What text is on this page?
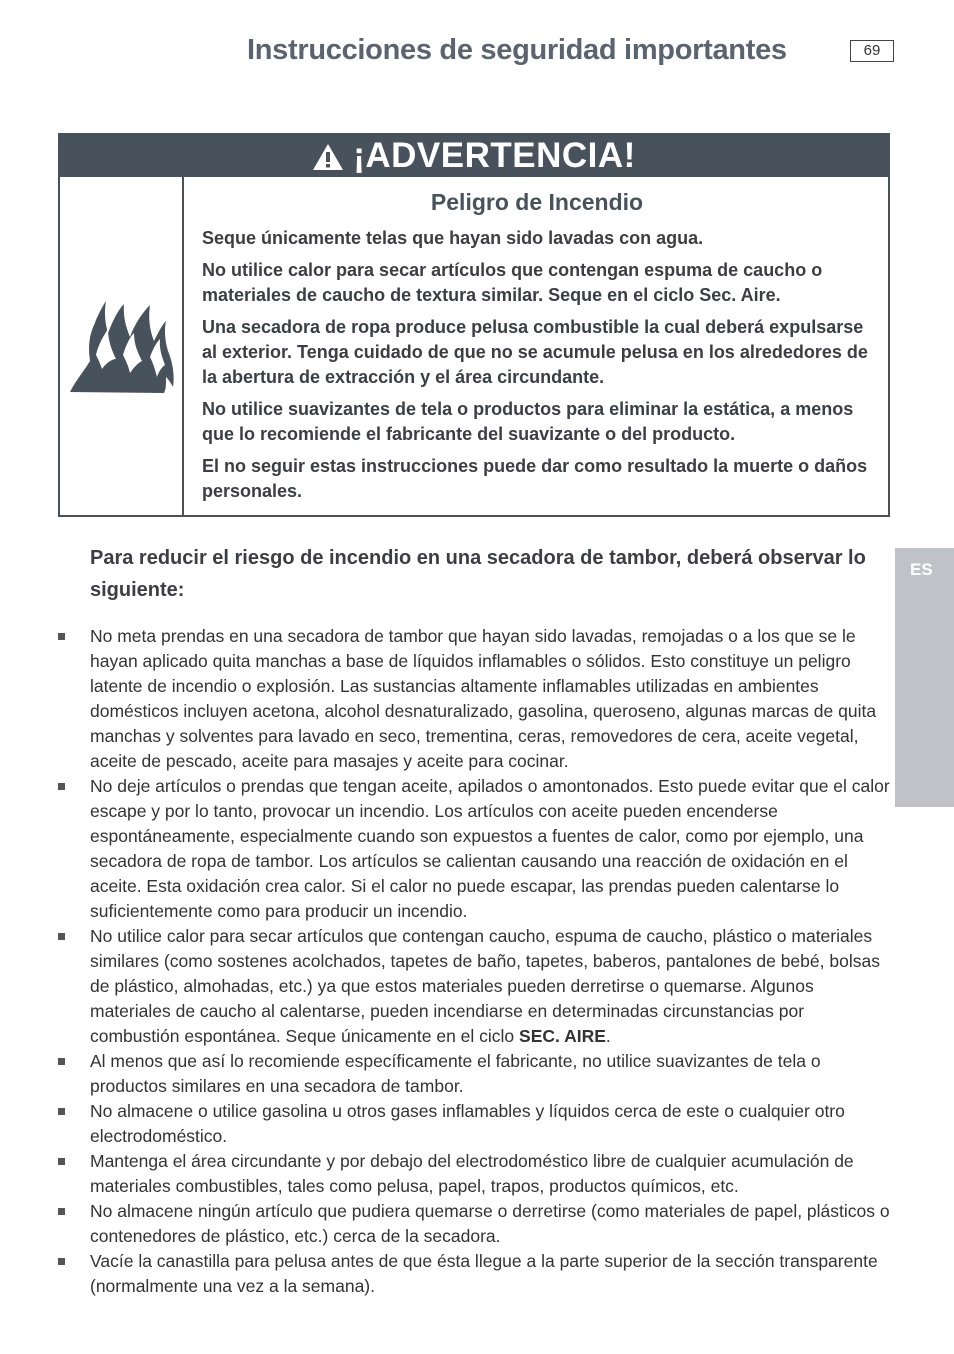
Instrucciones de seguridad importantes	69
ES
¡ADVERTENCIA!
Peligro de Incendio

Seque únicamente telas que hayan sido lavadas con agua.

No utilice calor para secar artículos que contengan espuma de caucho o materiales de caucho de textura similar. Seque en el ciclo Sec. Aire.

Una secadora de ropa produce pelusa combustible la cual deberá expulsarse al exterior. Tenga cuidado de que no se acumule pelusa en los alrededores de la abertura de extracción y el área circundante.

No utilice suavizantes de tela o productos para eliminar la estática, a menos que lo recomiende el fabricante del suavizante o del producto.

El no seguir estas instrucciones puede dar como resultado la muerte o daños personales.

Para reducir el riesgo de incendio en una secadora de tambor, deberá observar lo siguiente:
No meta prendas en una secadora de tambor que hayan sido lavadas, remojadas o a los que se le hayan aplicado quita manchas a base de líquidos inflamables o sólidos. Esto constituye un peligro latente de incendio o explosión. Las sustancias altamente inflamables utilizadas en ambientes domésticos incluyen acetona, alcohol desnaturalizado, gasolina, queroseno, algunas marcas de quita manchas y solventes para lavado en seco, trementina, ceras, removedores de cera, aceite vegetal, aceite de pescado, aceite para masajes y aceite para cocinar.
No deje artículos o prendas que tengan aceite, apilados o amontonados. Esto puede evitar que el calor escape y por lo tanto, provocar un incendio. Los artículos con aceite pueden encenderse espontáneamente, especialmente cuando son expuestos a fuentes de calor, como por ejemplo, una secadora de ropa de tambor. Los artículos se calientan causando una reacción de oxidación en el aceite. Esta oxidación crea calor. Si el calor no puede escapar, las prendas pueden calentarse lo suficientemente como para producir un incendio.
No utilice calor para secar artículos que contengan caucho, espuma de caucho, plástico o materiales similares (como sostenes acolchados, tapetes de baño, tapetes, baberos, pantalones de bebé, bolsas de plástico, almohadas, etc.) ya que estos materiales pueden derretirse o quemarse. Algunos materiales de caucho al calentarse, pueden incendiarse en determinadas circunstancias por combustión espontánea. Seque únicamente en el ciclo SEC. AIRE.
Al menos que así lo recomiende específicamente el fabricante, no utilice suavizantes de tela o productos similares en una secadora de tambor.
No almacene o utilice gasolina u otros gases inflamables y líquidos cerca de este o cualquier otro electrodoméstico.
Mantenga el área circundante y por debajo del electrodoméstico libre de cualquier acumulación de materiales combustibles, tales como pelusa, papel, trapos, productos químicos, etc.
No almacene ningún artículo que pudiera quemarse o derretirse (como materiales de papel, plásticos o contenedores de plástico, etc.) cerca de la secadora.
Vacíe la canastilla para pelusa antes de que ésta llegue a la parte superior de la sección transparente (normalmente una vez a la semana).
